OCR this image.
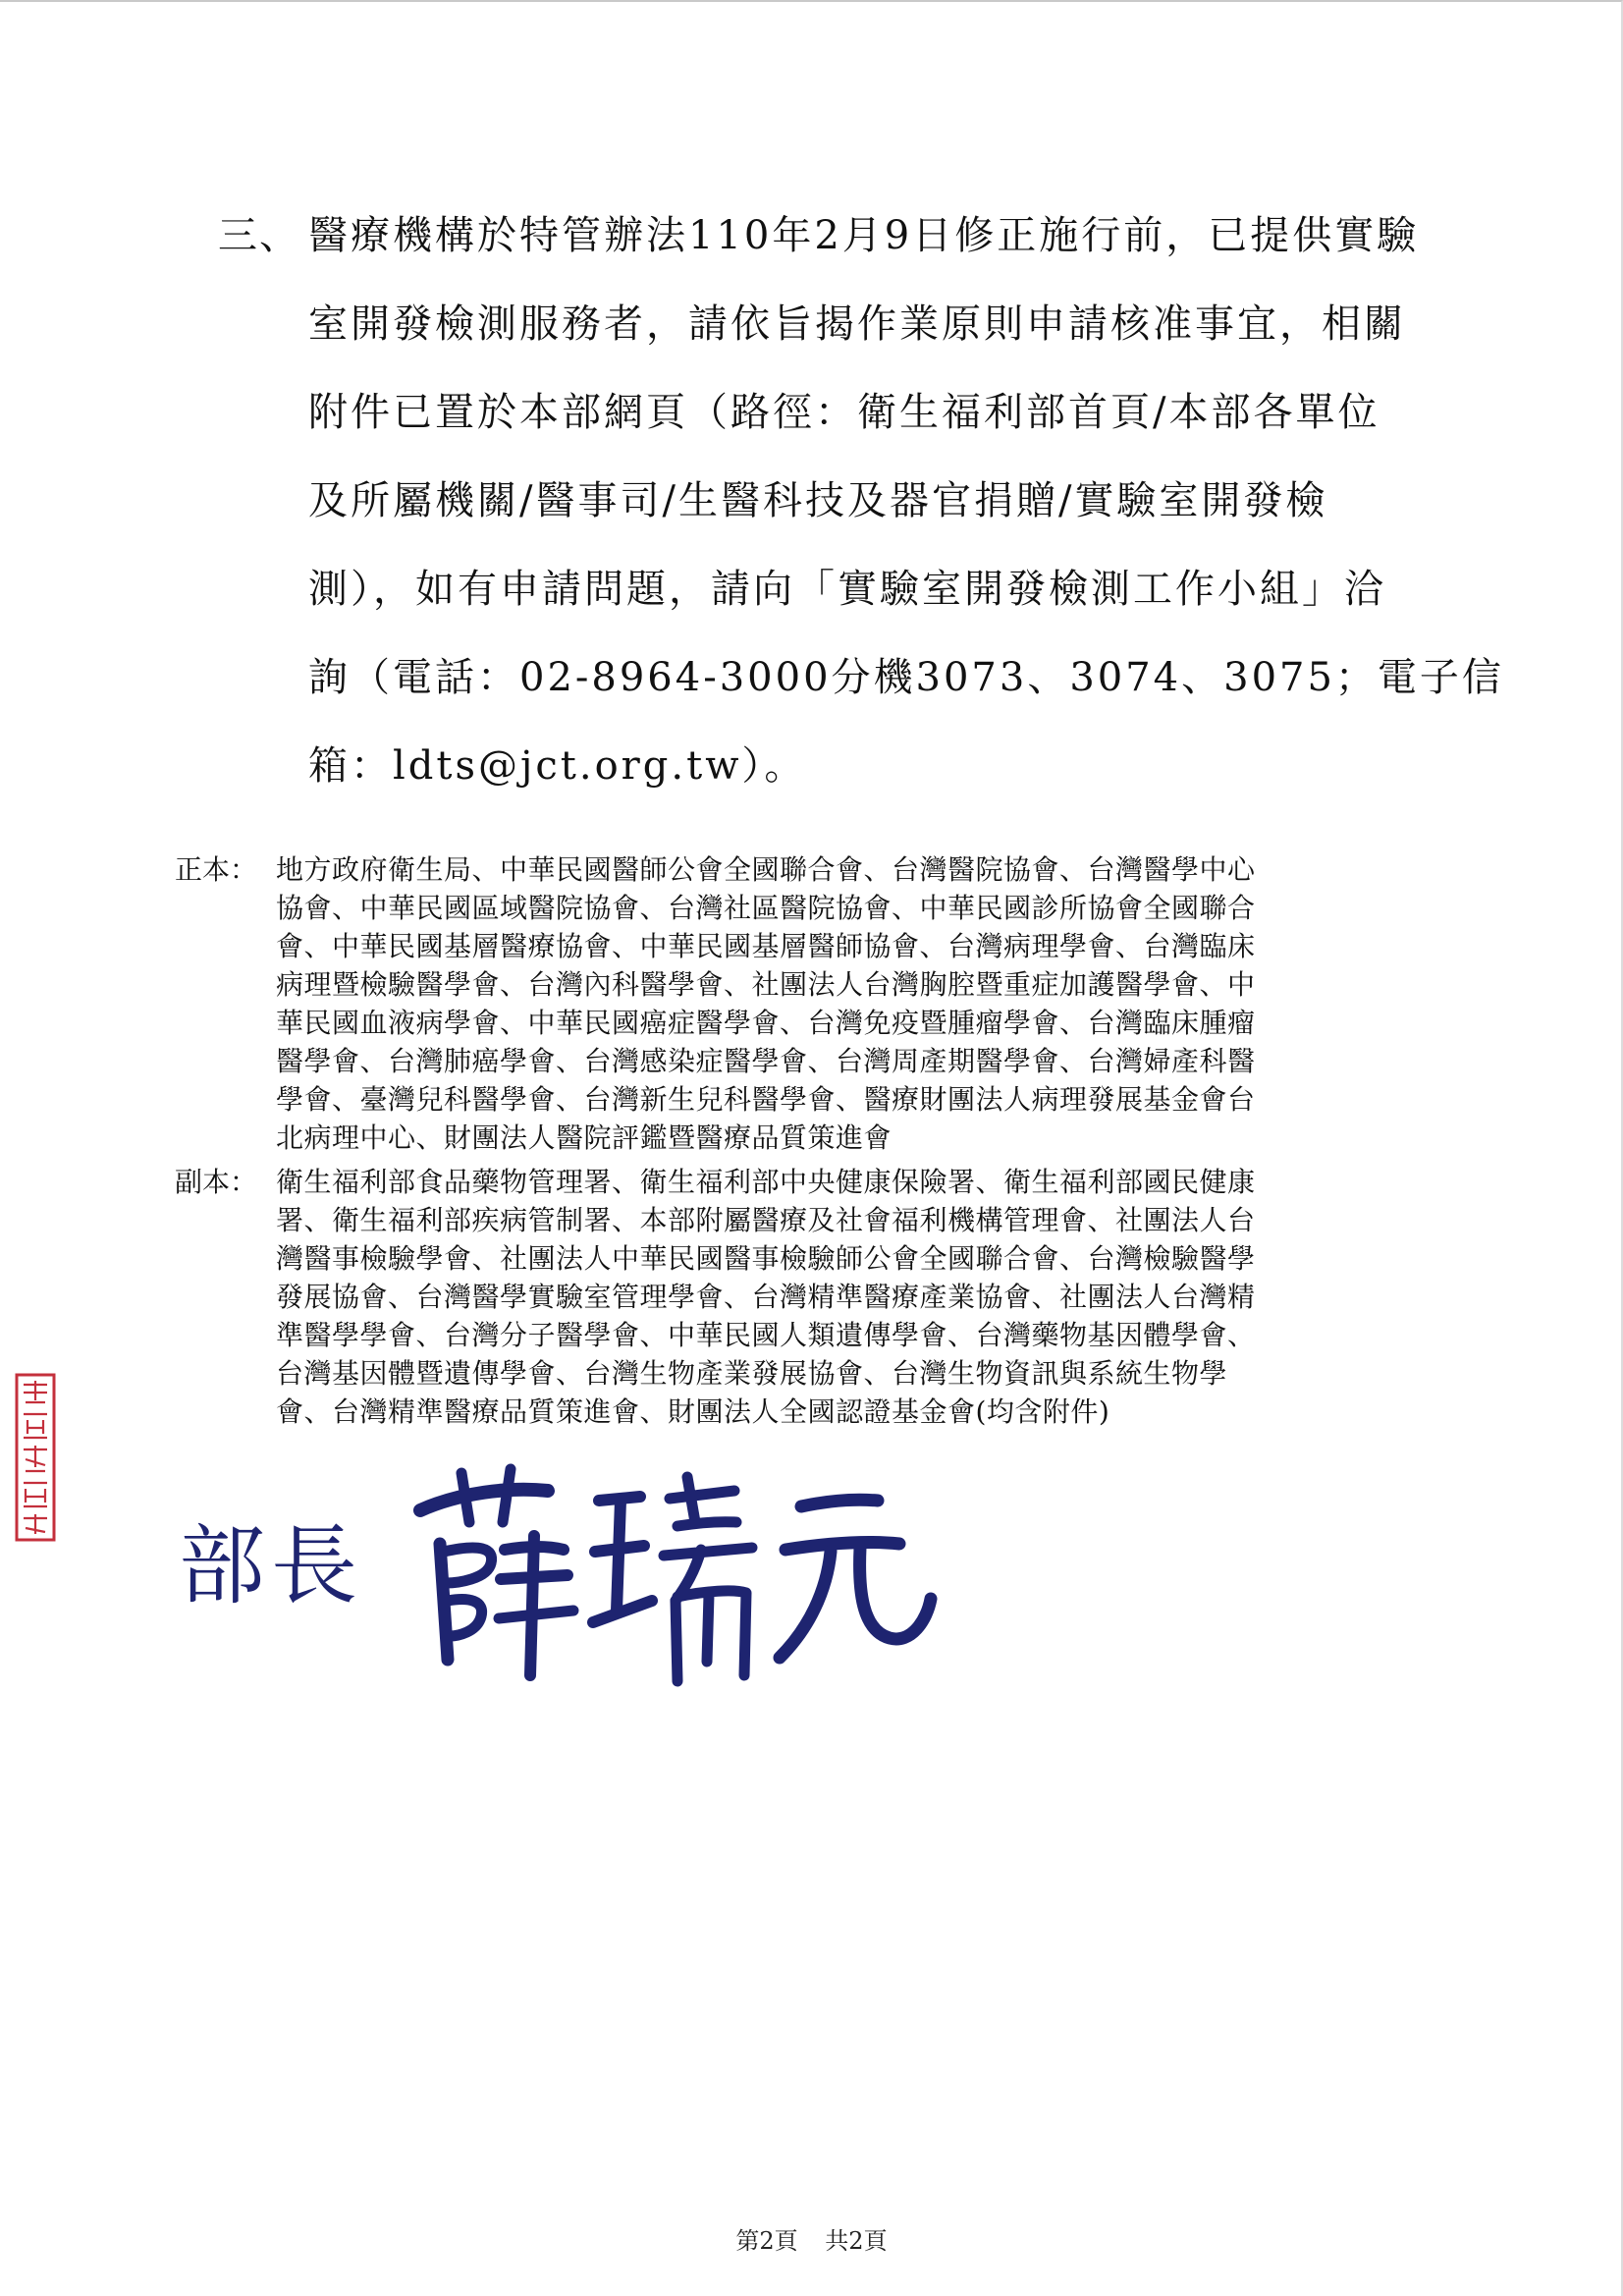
三、 醫療機構於特管辦法110年2月9日修正施行前，已提供實驗
室開發檢測服務者，請依旨揭作業原則申請核准事宜，相關
附件已置於本部網頁（路徑：衛生福利部首頁/本部各單位
及所屬機關/醫事司/生醫科技及器官捐贈/實驗室開發檢
測），如有申請問題，請向「實驗室開發檢測工作小組」洽
詢（電話：02-8964-3000分機3073、3074、3075；電子信
箱：ldts@jct.org.tw）。
正本： 地方政府衛生局、中華民國醫師公會全國聯合會、台灣醫院協會、台灣醫學中心
協會、中華民國區域醫院協會、台灣社區醫院協會、中華民國診所協會全國聯合
會、中華民國基層醫療協會、中華民國基層醫師協會、台灣病理學會、台灣臨床
病理暨檢驗醫學會、台灣內科醫學會、社團法人台灣胸腔暨重症加護醫學會、中
華民國血液病學會、中華民國癌症醫學會、台灣免疫暨腫瘤學會、台灣臨床腫瘤
醫學會、台灣肺癌學會、台灣感染症醫學會、台灣周產期醫學會、台灣婦產科醫
學會、臺灣兒科醫學會、台灣新生兒科醫學會、醫療財團法人病理發展基金會台
北病理中心、財團法人醫院評鑑暨醫療品質策進會
副本： 衛生福利部食品藥物管理署、衛生福利部中央健康保險署、衛生福利部國民健康
署、衛生福利部疾病管制署、本部附屬醫療及社會福利機構管理會、社團法人台
灣醫事檢驗學會、社團法人中華民國醫事檢驗師公會全國聯合會、台灣檢驗醫學
發展協會、台灣醫學實驗室管理學會、台灣精準醫療產業協會、社團法人台灣精
準醫學學會、台灣分子醫學會、中華民國人類遺傳學會、台灣藥物基因體學會、
台灣基因體暨遺傳學會、台灣生物產業發展協會、台灣生物資訊與系統生物學
會、台灣精準醫療品質策進會、財團法人全國認證基金會(均含附件)
部長
第2頁 共2頁
